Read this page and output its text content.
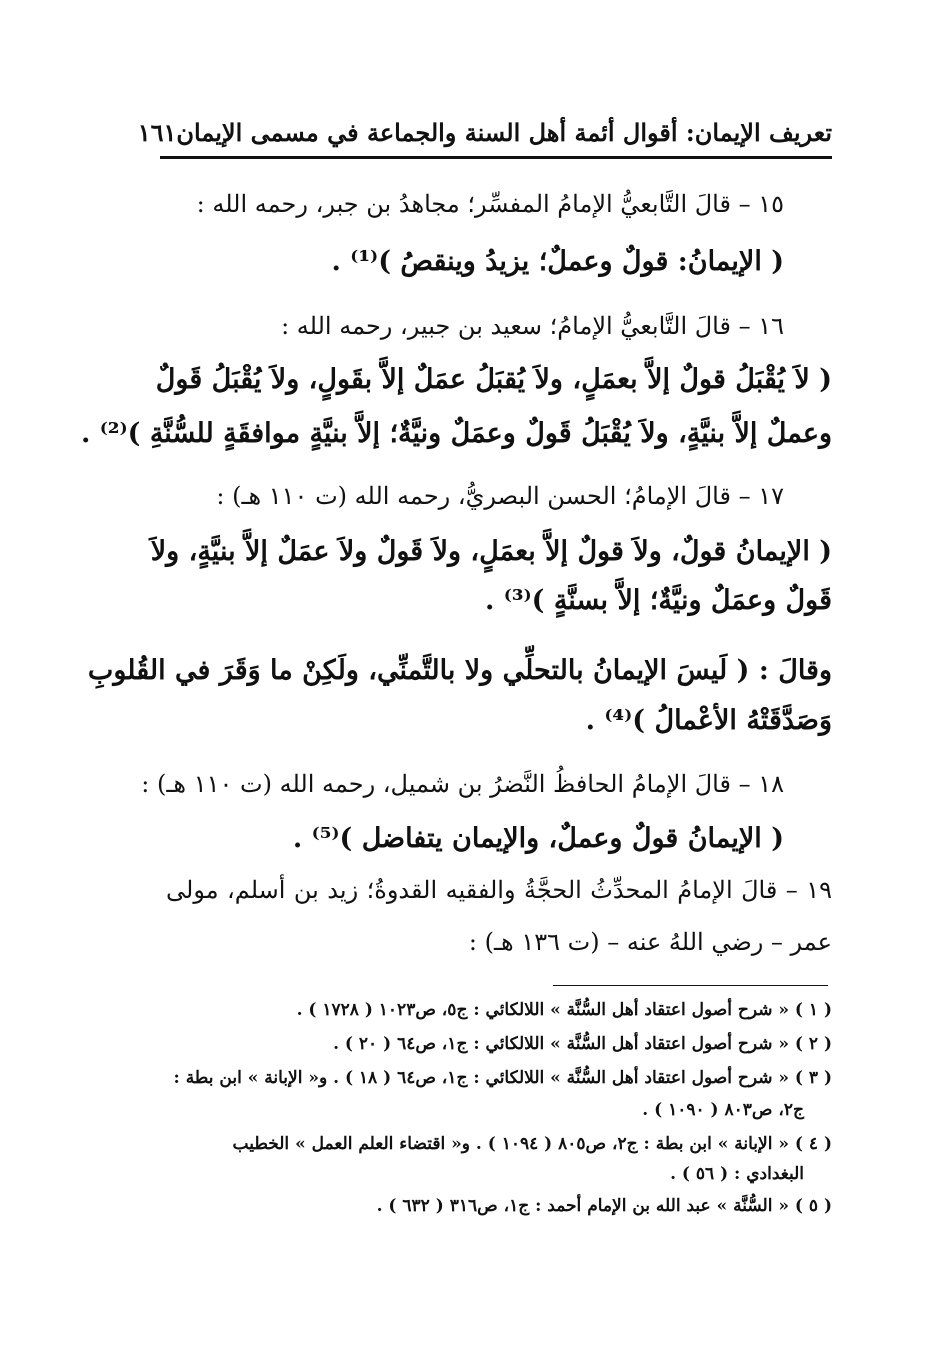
تعريف الإيمان: أقوال أئمة أهل السنة والجماعة في مسمى الإيمان
١٦١
١٥ – قالَ التَّابعيُّ الإمامُ المفسِّر؛ مجاهدُ بن جبر، رحمه الله :
( الإيمانُ: قولٌ وعملٌ؛ يزيدُ وينقصُ )⁽¹⁾ .
١٦ – قالَ التَّابعيُّ الإمامُ؛ سعيد بن جبير، رحمه الله :
( لاَ يُقْبَلُ قولٌ إلاَّ بعمَلٍ، ولاَ يُقبَلُ عمَلٌ إلاَّ بقَولٍ، ولاَ يُقْبَلُ قَولٌ
وعملٌ إلاَّ بنيَّةٍ، ولاَ يُقْبَلُ قَولٌ وعمَلٌ ونيَّةٌ؛ إلاَّ بنيَّةٍ موافقَةٍ للسُّنَّةِ )⁽²⁾ .
١٧ – قالَ الإمامُ؛ الحسن البصريُّ، رحمه الله (ت ١١٠ هـ) :
( الإيمانُ قولٌ، ولاَ قولٌ إلاَّ بعمَلٍ، ولاَ قَولٌ ولاَ عمَلٌ إلاَّ بنيَّةٍ، ولاَ
قَولٌ وعمَلٌ ونيَّةٌ؛ إلاَّ بسنَّةٍ )⁽³⁾ .
وقالَ : ( لَيسَ الإيمانُ بالتحلِّي ولا بالتَّمنِّي، ولَكِنْ ما وَقَرَ في القُلوبِ
وَصَدَّقَتْهُ الأعْمالُ )⁽⁴⁾ .
١٨ – قالَ الإمامُ الحافظُ النَّضرُ بن شميل، رحمه الله (ت ١١٠ هـ) :
( الإيمانُ قولٌ وعملٌ، والإيمان يتفاضل )⁽⁵⁾ .
١٩ – قالَ الإمامُ المحدِّثُ الحجَّةُ والفقيه القدوةُ؛ زيد بن أسلم، مولى
عمر – رضي اللهُ عنه – (ت ١٣٦ هـ) :
( ١ ) « شرح أصول اعتقاد أهل السُّنَّة » اللالكائي : ج٥، ص١٠٢٣ ( ١٧٢٨ ) .
( ٢ ) « شرح أصول اعتقاد أهل السُّنَّة » اللالكائي : ج١، ص٦٤ ( ٢٠ ) .
( ٣ ) « شرح أصول اعتقاد أهل السُّنَّة » اللالكائي : ج١، ص٦٤ ( ١٨ ) . و« الإبانة » ابن بطة :
ج٢، ص٨٠٣ ( ١٠٩٠ ) .
( ٤ ) « الإبانة » ابن بطة : ج٢، ص٨٠٥ ( ١٠٩٤ ) . و« اقتضاء العلم العمل » الخطيب
البغدادي : ( ٥٦ ) .
( ٥ ) « السُّنَّة » عبد الله بن الإمام أحمد : ج١، ص٣١٦ ( ٦٣٢ ) .
